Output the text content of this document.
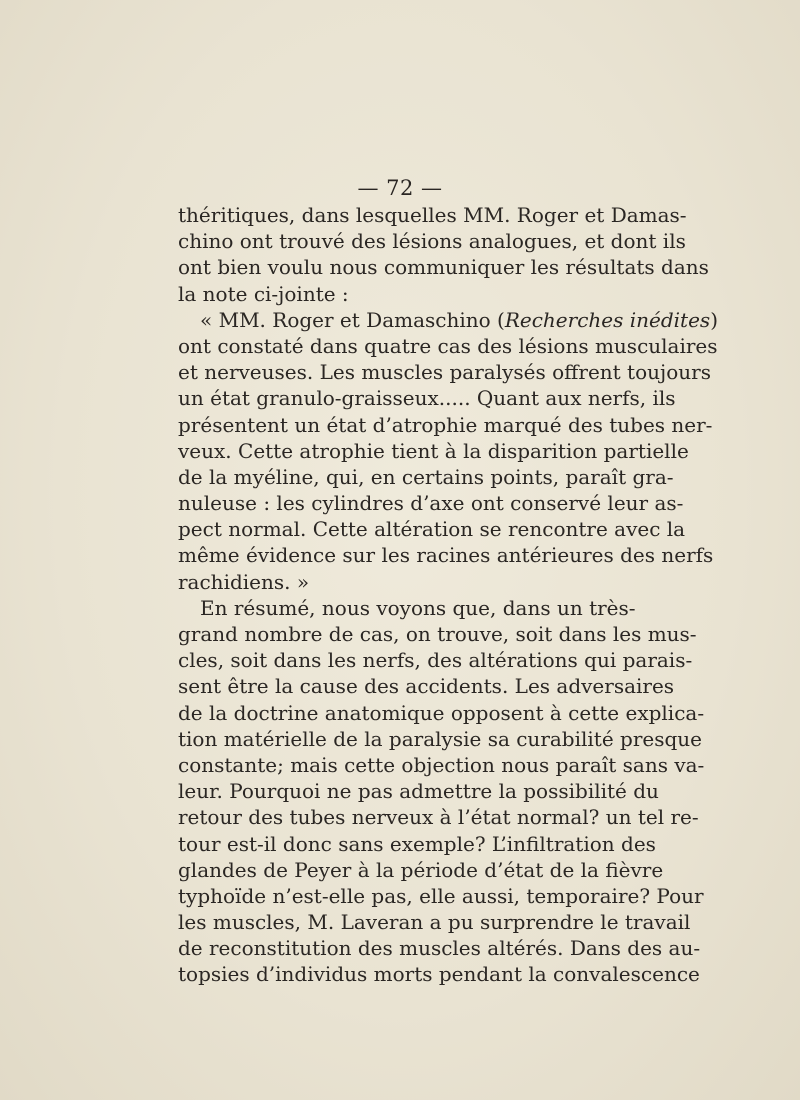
— 72 —
théritiques, dans lesquelles MM. Roger et Damas-
chino ont trouvé des lésions analogues, et dont ils
ont bien voulu nous communiquer les résultats dans
la note ci-jointe :
« MM. Roger et Damaschino (Recherches inédites)
ont constaté dans quatre cas des lésions musculaires
et nerveuses. Les muscles paralysés offrent toujours
un état granulo-graisseux..... Quant aux nerfs, ils
présentent un état d’atrophie marqué des tubes ner-
veux. Cette atrophie tient à la disparition partielle
de la myéline, qui, en certains points, paraît gra-
nuleuse : les cylindres d’axe ont conservé leur as-
pect normal. Cette altération se rencontre avec la
même évidence sur les racines antérieures des nerfs
rachidiens. »
En résumé, nous voyons que, dans un très-
grand nombre de cas, on trouve, soit dans les mus-
cles, soit dans les nerfs, des altérations qui parais-
sent être la cause des accidents. Les adversaires
de la doctrine anatomique opposent à cette explica-
tion matérielle de la paralysie sa curabilité presque
constante; mais cette objection nous paraît sans va-
leur. Pourquoi ne pas admettre la possibilité du
retour des tubes nerveux à l’état normal? un tel re-
tour est-il donc sans exemple? L’infiltration des
glandes de Peyer à la période d’état de la fièvre
typhoïde n’est-elle pas, elle aussi, temporaire? Pour
les muscles, M. Laveran a pu surprendre le travail
de reconstitution des muscles altérés. Dans des au-
topsies d’individus morts pendant la convalescence
